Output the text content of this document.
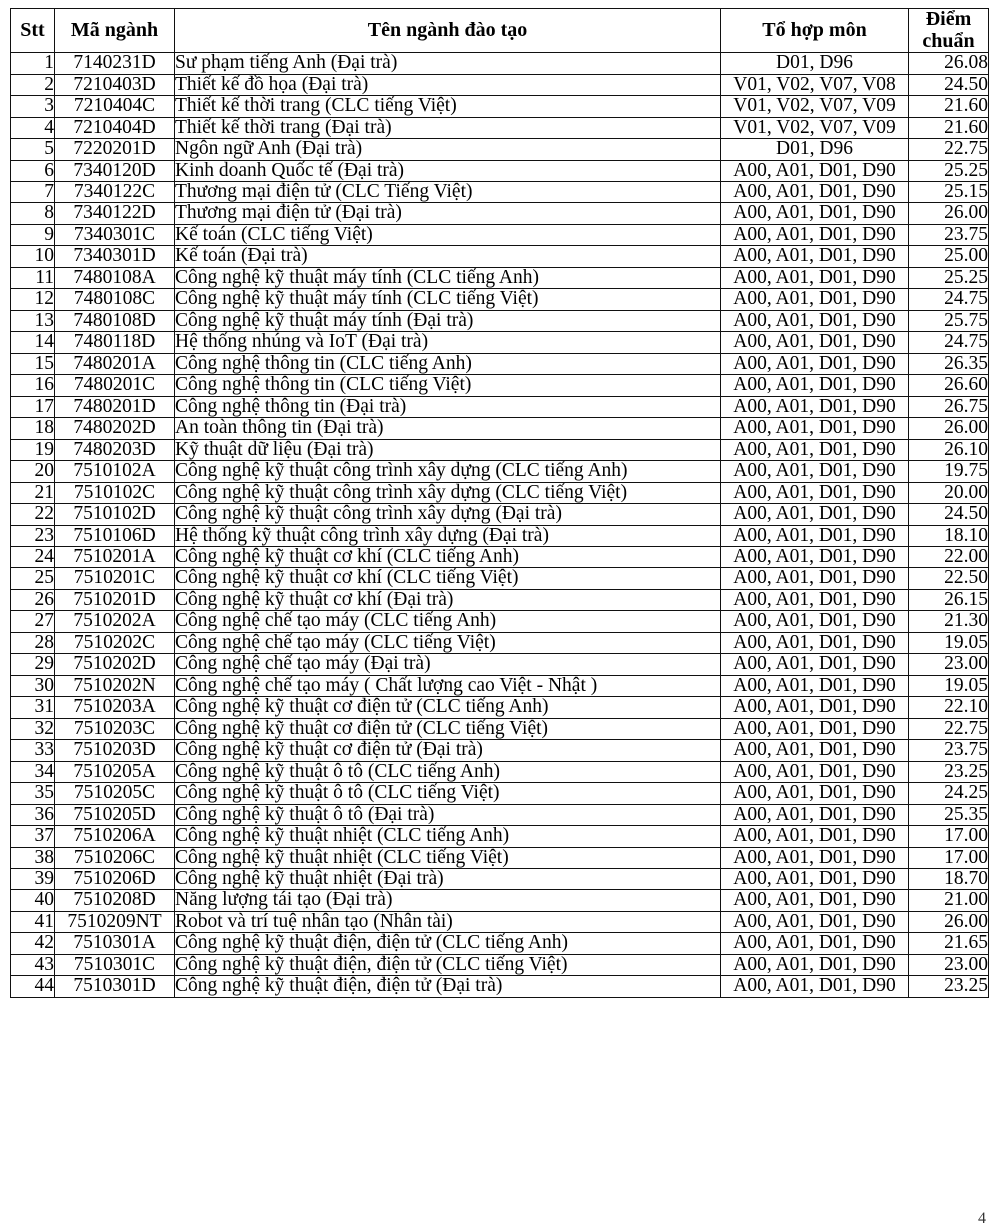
Stt	Mã ngành	Tên ngành đào tạo	Tổ hợp môn	Điểm
chuẩn

1	7140231D	Sư phạm tiếng Anh (Đại trà)	D01, D96	26.08
2	7210403D	Thiết kế đồ họa (Đại trà)	V01, V02, V07, V08	24.50
3	7210404C	Thiết kế thời trang (CLC tiếng Việt)	V01, V02, V07, V09	21.60
4	7210404D	Thiết kế thời trang (Đại trà)	V01, V02, V07, V09	21.60
5	7220201D	Ngôn ngữ Anh (Đại trà)	D01, D96	22.75
6	7340120D	Kinh doanh Quốc tế (Đại trà)	A00, A01, D01, D90	25.25
7	7340122C	Thương mại điện tử (CLC Tiếng Việt)	A00, A01, D01, D90	25.15
8	7340122D	Thương mại điện tử (Đại trà)	A00, A01, D01, D90	26.00
9	7340301C	Kế toán (CLC tiếng Việt)	A00, A01, D01, D90	23.75
10	7340301D	Kế toán (Đại trà)	A00, A01, D01, D90	25.00
11	7480108A	Công nghệ kỹ thuật máy tính (CLC tiếng Anh)	A00, A01, D01, D90	25.25
12	7480108C	Công nghệ kỹ thuật máy tính (CLC tiếng Việt)	A00, A01, D01, D90	24.75
13	7480108D	Công nghệ kỹ thuật máy tính (Đại trà)	A00, A01, D01, D90	25.75
14	7480118D	Hệ thống nhúng và IoT (Đại trà)	A00, A01, D01, D90	24.75
15	7480201A	Công nghệ thông tin (CLC tiếng Anh)	A00, A01, D01, D90	26.35
16	7480201C	Công nghệ thông tin (CLC tiếng Việt)	A00, A01, D01, D90	26.60
17	7480201D	Công nghệ thông tin (Đại trà)	A00, A01, D01, D90	26.75
18	7480202D	An toàn thông tin (Đại trà)	A00, A01, D01, D90	26.00
19	7480203D	Kỹ thuật dữ liệu (Đại trà)	A00, A01, D01, D90	26.10
20	7510102A	Công nghệ kỹ thuật công trình xây dựng (CLC tiếng Anh)	A00, A01, D01, D90	19.75
21	7510102C	Công nghệ kỹ thuật công trình xây dựng (CLC tiếng Việt)	A00, A01, D01, D90	20.00
22	7510102D	Công nghệ kỹ thuật công trình xây dựng (Đại trà)	A00, A01, D01, D90	24.50
23	7510106D	Hệ thống kỹ thuật công trình xây dựng (Đại trà)	A00, A01, D01, D90	18.10
24	7510201A	Công nghệ kỹ thuật cơ khí (CLC tiếng Anh)	A00, A01, D01, D90	22.00
25	7510201C	Công nghệ kỹ thuật cơ khí (CLC tiếng Việt)	A00, A01, D01, D90	22.50
26	7510201D	Công nghệ kỹ thuật cơ khí (Đại trà)	A00, A01, D01, D90	26.15
27	7510202A	Công nghệ chế tạo máy (CLC tiếng Anh)	A00, A01, D01, D90	21.30
28	7510202C	Công nghệ chế tạo máy (CLC tiếng Việt)	A00, A01, D01, D90	19.05
29	7510202D	Công nghệ chế tạo máy (Đại trà)	A00, A01, D01, D90	23.00
30	7510202N	Công nghệ chế tạo máy ( Chất lượng cao Việt - Nhật )	A00, A01, D01, D90	19.05
31	7510203A	Công nghệ kỹ thuật cơ điện tử (CLC tiếng Anh)	A00, A01, D01, D90	22.10
32	7510203C	Công nghệ kỹ thuật cơ điện tử (CLC tiếng Việt)	A00, A01, D01, D90	22.75
33	7510203D	Công nghệ kỹ thuật cơ điện tử (Đại trà)	A00, A01, D01, D90	23.75
34	7510205A	Công nghệ kỹ thuật ô tô (CLC tiếng Anh)	A00, A01, D01, D90	23.25
35	7510205C	Công nghệ kỹ thuật ô tô (CLC tiếng Việt)	A00, A01, D01, D90	24.25
36	7510205D	Công nghệ kỹ thuật ô tô (Đại trà)	A00, A01, D01, D90	25.35
37	7510206A	Công nghệ kỹ thuật nhiệt (CLC tiếng Anh)	A00, A01, D01, D90	17.00
38	7510206C	Công nghệ kỹ thuật nhiệt (CLC tiếng Việt)	A00, A01, D01, D90	17.00
39	7510206D	Công nghệ kỹ thuật nhiệt (Đại trà)	A00, A01, D01, D90	18.70
40	7510208D	Năng lượng tái tạo (Đại trà)	A00, A01, D01, D90	21.00
41	7510209NT	Robot và trí tuệ nhân tạo (Nhân tài)	A00, A01, D01, D90	26.00
42	7510301A	Công nghệ kỹ thuật điện, điện tử (CLC tiếng Anh)	A00, A01, D01, D90	21.65
43	7510301C	Công nghệ kỹ thuật điện, điện tử (CLC tiếng Việt)	A00, A01, D01, D90	23.00
44	7510301D	Công nghệ kỹ thuật điện, điện tử (Đại trà)	A00, A01, D01, D90	23.25
4
